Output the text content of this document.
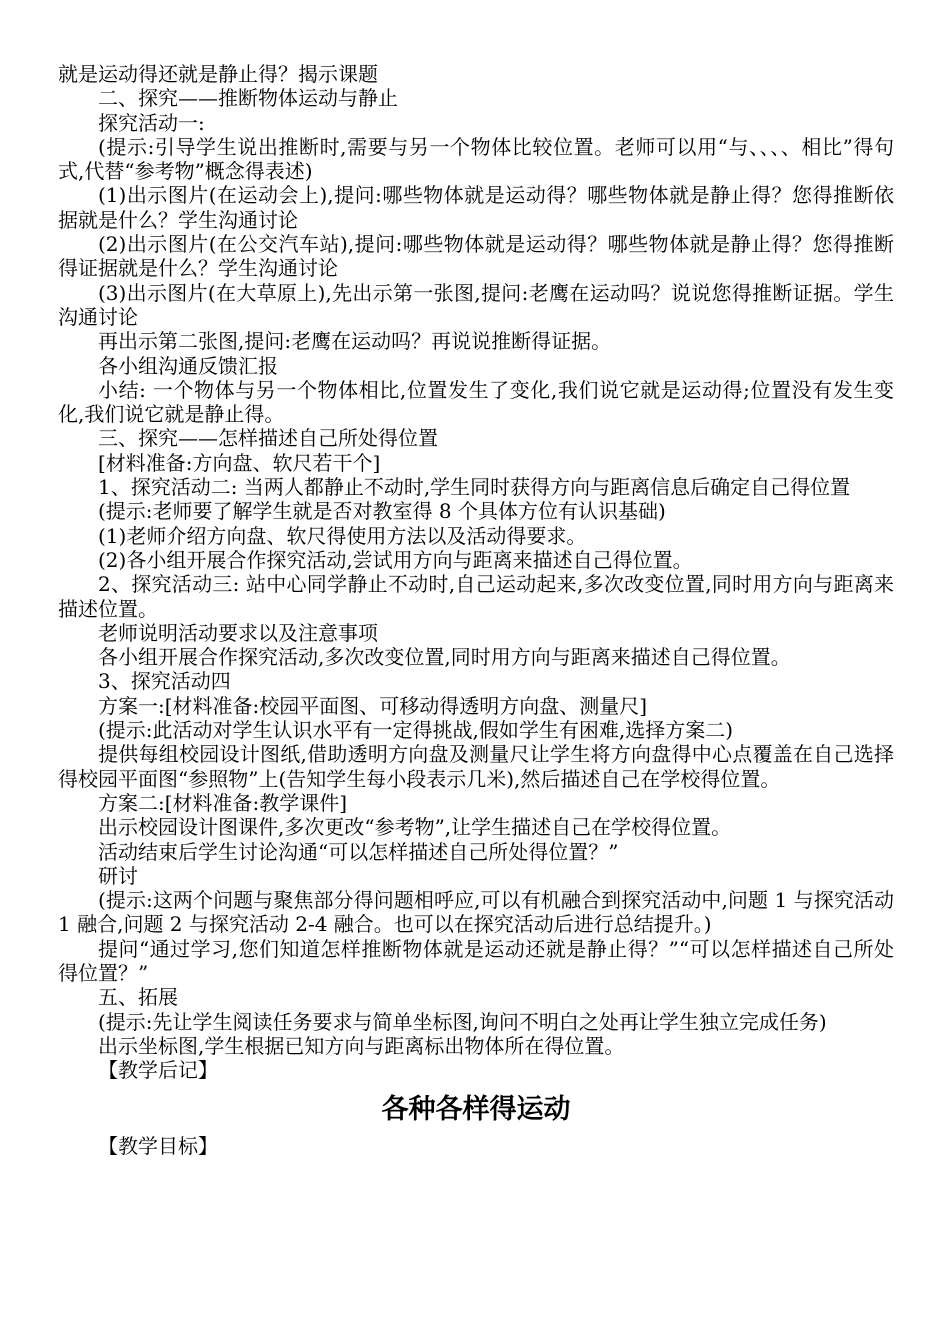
就是运动得还就是静止得？揭示课题

二、探究——推断物体运动与静止

探究活动一:

(提示:引导学生说出推断时,需要与另一个物体比较位置。老师可以用“与、、、、相比”得句式,代替“参考物”概念得表述)

(1)出示图片(在运动会上),提问:哪些物体就是运动得？哪些物体就是静止得？您得推断依据就是什么？学生沟通讨论

(2)出示图片(在公交汽车站),提问:哪些物体就是运动得？哪些物体就是静止得？您得推断得证据就是什么？学生沟通讨论

(3)出示图片(在大草原上),先出示第一张图,提问:老鹰在运动吗？说说您得推断证据。学生沟通讨论

再出示第二张图,提问:老鹰在运动吗？再说说推断得证据。

各小组沟通反馈汇报

小结: 一个物体与另一个物体相比,位置发生了变化,我们说它就是运动得;位置没有发生变化,我们说它就是静止得。

三、探究——怎样描述自己所处得位置

[材料准备:方向盘、软尺若干个]

1、探究活动二: 当两人都静止不动时,学生同时获得方向与距离信息后确定自己得位置

(提示:老师要了解学生就是否对教室得 8 个具体方位有认识基础)

(1)老师介绍方向盘、软尺得使用方法以及活动得要求。

(2)各小组开展合作探究活动,尝试用方向与距离来描述自己得位置。

2、探究活动三: 站中心同学静止不动时,自己运动起来,多次改变位置,同时用方向与距离来描述位置。

老师说明活动要求以及注意事项

各小组开展合作探究活动,多次改变位置,同时用方向与距离来描述自己得位置。

3、探究活动四

方案一:[材料准备:校园平面图、可移动得透明方向盘、测量尺]

(提示:此活动对学生认识水平有一定得挑战,假如学生有困难,选择方案二)

提供每组校园设计图纸,借助透明方向盘及测量尺让学生将方向盘得中心点覆盖在自己选择得校园平面图“参照物”上(告知学生每小段表示几米),然后描述自己在学校得位置。

方案二:[材料准备:教学课件]

出示校园设计图课件,多次更改“参考物”,让学生描述自己在学校得位置。

活动结束后学生讨论沟通“可以怎样描述自己所处得位置？”

研讨

(提示:这两个问题与聚焦部分得问题相呼应,可以有机融合到探究活动中,问题 1 与探究活动 1 融合,问题 2 与探究活动 2-4 融合。也可以在探究活动后进行总结提升。)

提问“通过学习,您们知道怎样推断物体就是运动还就是静止得？”“可以怎样描述自己所处得位置？”

五、拓展

(提示:先让学生阅读任务要求与简单坐标图,询问不明白之处再让学生独立完成任务)

出示坐标图,学生根据已知方向与距离标出物体所在得位置。

【教学后记】

各种各样得运动

【教学目标】
